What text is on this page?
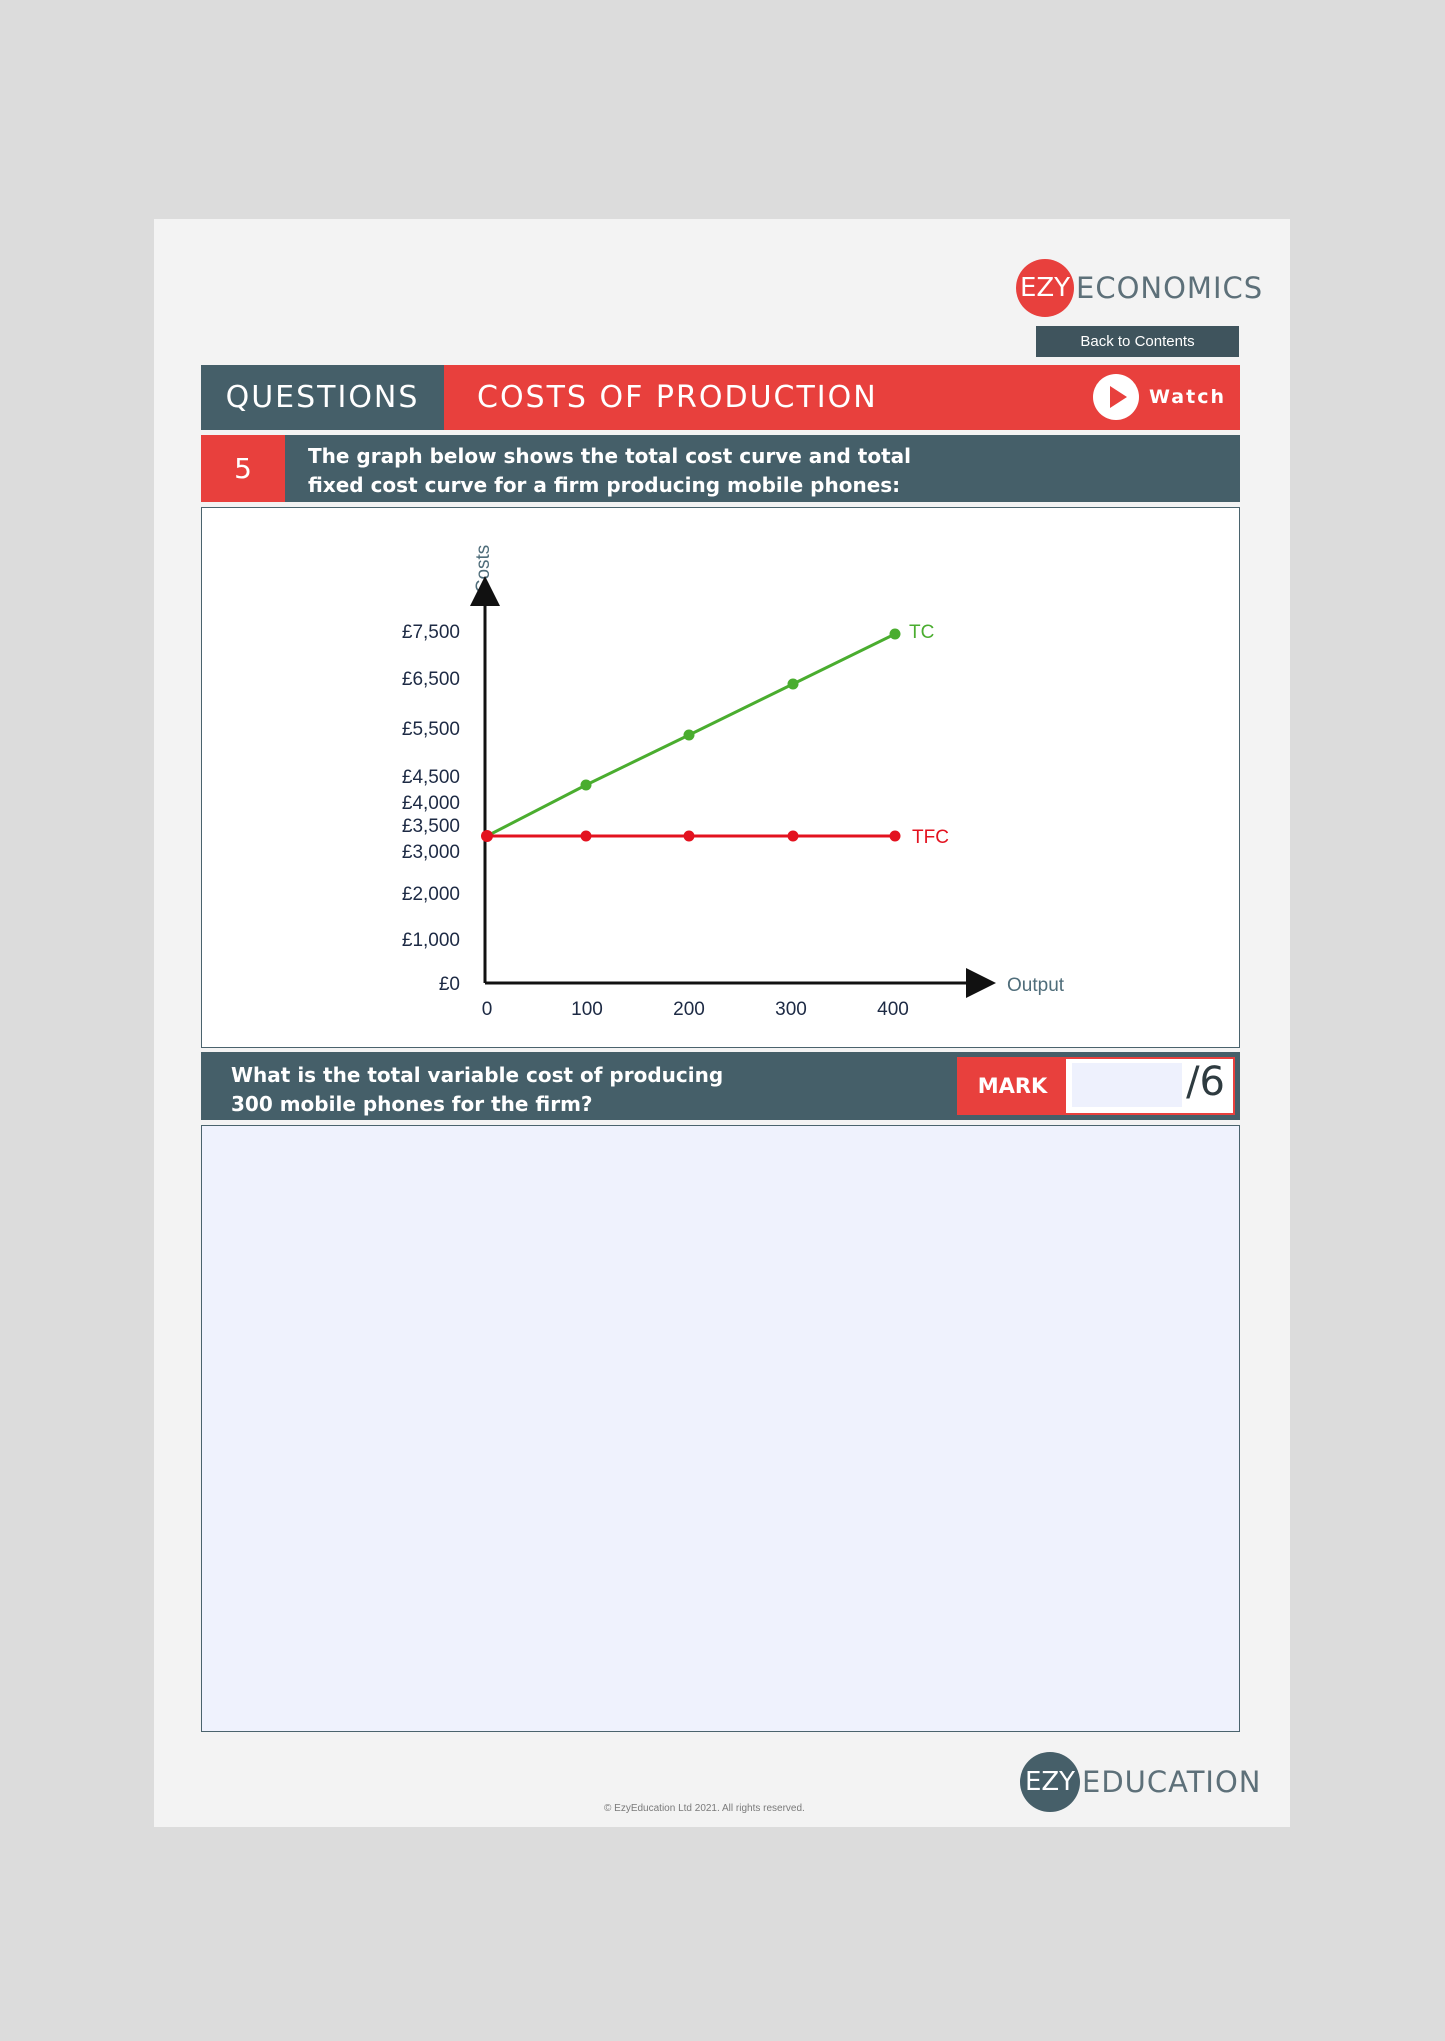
EZY ECONOMICS
Back to Contents
QUESTIONS	COSTS OF PRODUCTION	Watch
5	The graph below shows the total cost curve and total
fixed cost curve for a firm producing mobile phones:
Costs
Output
£0
£1,000
£2,000
£3,000
£3,500
£4,000
£4,500
£5,500
£6,500
£7,500
0	100	200	300	400
TC
TFC
What is the total variable cost of producing
300 mobile phones for the firm?
MARK	/6
EZY EDUCATION
© EzyEducation Ltd 2021. All rights reserved.
